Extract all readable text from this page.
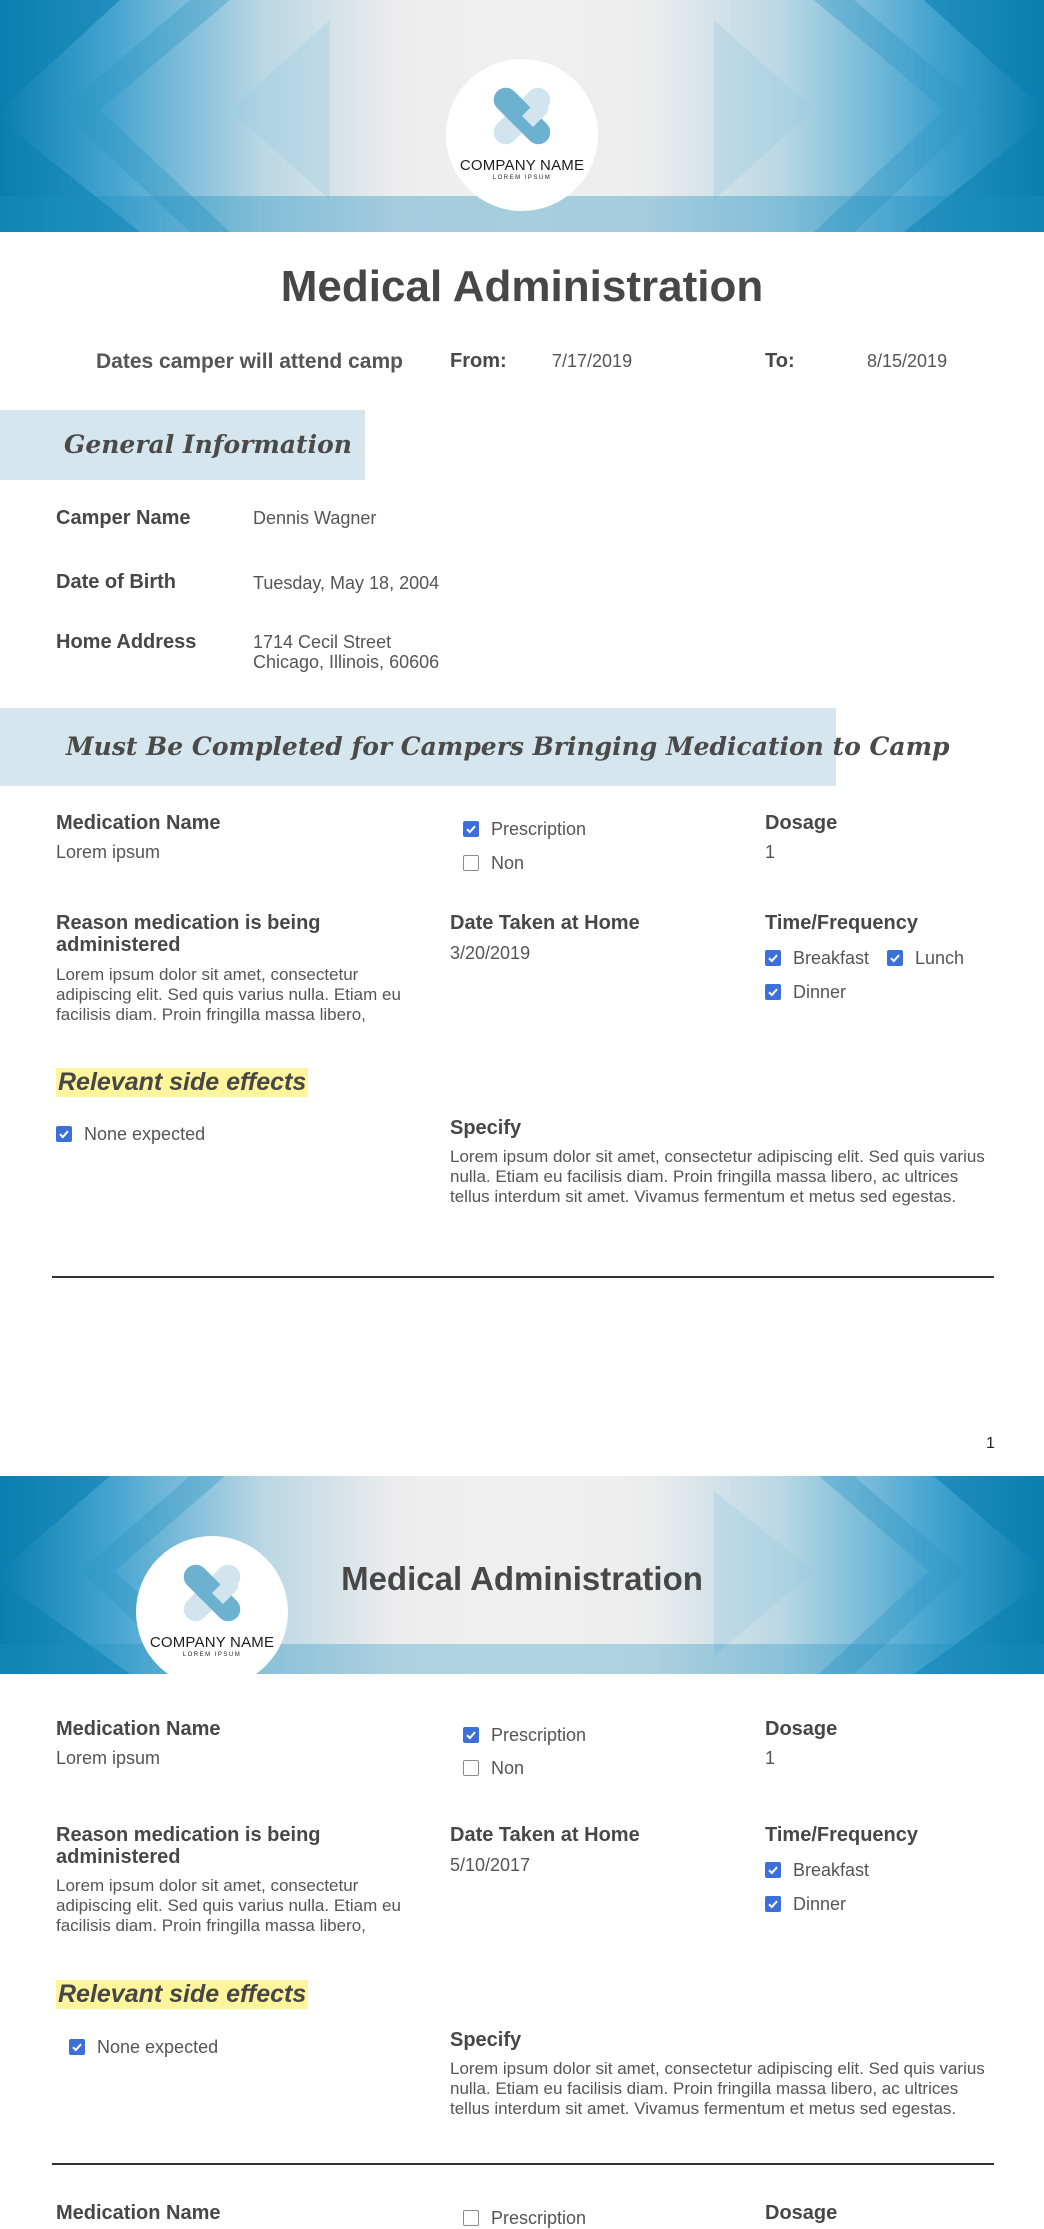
COMPANY NAME
LOREM IPSUM
Medical Administration
Dates camper will attend camp From:	7/17/2019	To:	8/15/2019
General Information
Camper Name	Dennis Wagner
Date of Birth	Tuesday, May 18, 2004
Home Address	1714 Cecil Street
Chicago, Illinois, 60606
Must Be Completed for Campers Bringing Medication to Camp
Medication Name
Lorem ipsum
Prescription
Non
Dosage
1
Reason medication is being administered
Lorem ipsum dolor sit amet, consectetur adipiscing elit. Sed quis varius nulla. Etiam eu facilisis diam. Proin fringilla massa libero,
Date Taken at Home
3/20/2019
Time/Frequency
Breakfast	Lunch
Dinner
Relevant side effects
None expected	Specify
Lorem ipsum dolor sit amet, consectetur adipiscing elit. Sed quis varius nulla. Etiam eu facilisis diam. Proin fringilla massa libero, ac ultrices tellus interdum sit amet. Vivamus fermentum et metus sed egestas.
1
COMPANY NAME
LOREM IPSUM
Medical Administration
Medication Name
Lorem ipsum
Prescription
Non
Dosage
1
Reason medication is being administered
Lorem ipsum dolor sit amet, consectetur adipiscing elit. Sed quis varius nulla. Etiam eu facilisis diam. Proin fringilla massa libero,
Date Taken at Home
5/10/2017
Time/Frequency
Breakfast
Dinner
Relevant side effects
None expected	Specify
Lorem ipsum dolor sit amet, consectetur adipiscing elit. Sed quis varius nulla. Etiam eu facilisis diam. Proin fringilla massa libero, ac ultrices tellus interdum sit amet. Vivamus fermentum et metus sed egestas.
Medication Name	Prescription	Dosage
